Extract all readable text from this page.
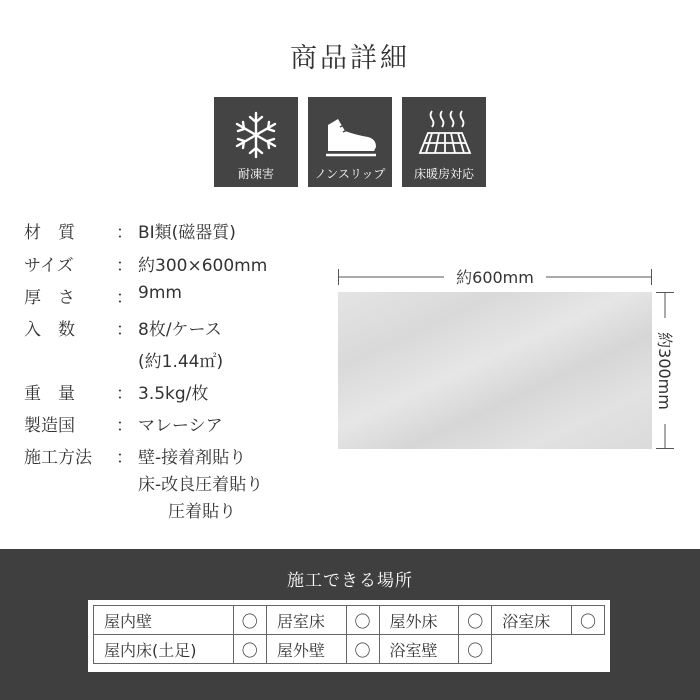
商品詳細
耐凍害	ノンスリップ	床暖房対応
材　質 ： BⅠ類(磁器質)
サイズ ： 約300×600mm
厚　さ ： 9mm
入　数 ： 8枚/ケース
(約1.44㎡)
重　量 ： 3.5kg/枚
製造国 ： マレーシア
施工方法 ： 壁-接着剤貼り
床-改良圧着貼り
圧着貼り
約600mm
約300mm
施工できる場所
屋内壁	〇	居室床	〇	屋外床	〇	浴室床	〇
屋内床(土足)	〇	屋外壁	〇	浴室壁	〇		
